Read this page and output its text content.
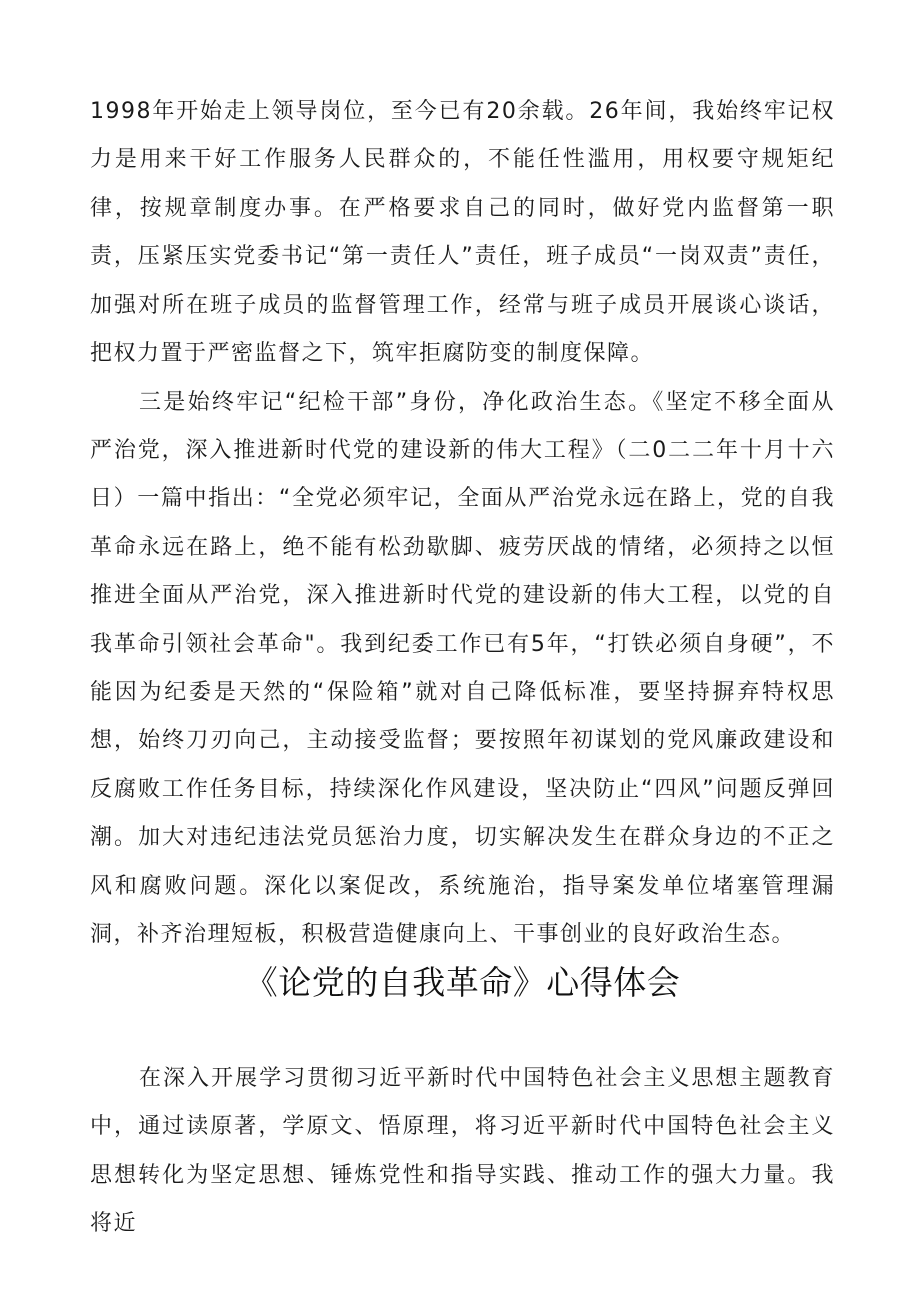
1998年开始走上领导岗位，至今已有20余载。26年间，我始终牢记权力是用来干好工作服务人民群众的，不能任性滥用，用权要守规矩纪律，按规章制度办事。在严格要求自己的同时，做好党内监督第一职责，压紧压实党委书记“第一责任人”责任，班子成员“一岗双责”责任，加强对所在班子成员的监督管理工作，经常与班子成员开展谈心谈话，把权力置于严密监督之下，筑牢拒腐防变的制度保障。

三是始终牢记“纪检干部”身份，净化政治生态。《坚定不移全面从严治党，深入推进新时代党的建设新的伟大工程》（二0二二年十月十六日）一篇中指出：“全党必须牢记，全面从严治党永远在路上，党的自我革命永远在路上，绝不能有松劲歇脚、疲劳厌战的情绪，必须持之以恒推进全面从严治党，深入推进新时代党的建设新的伟大工程，以党的自我革命引领社会革命"。我到纪委工作已有5年，“打铁必须自身硬”，不能因为纪委是天然的“保险箱”就对自己降低标准，要坚持摒弃特权思想，始终刀刃向己，主动接受监督；要按照年初谋划的党风廉政建设和反腐败工作任务目标，持续深化作风建设，坚决防止“四风”问题反弹回潮。加大对违纪违法党员惩治力度，切实解决发生在群众身边的不正之风和腐败问题。深化以案促改，系统施治，指导案发单位堵塞管理漏洞，补齐治理短板，积极营造健康向上、干事创业的良好政治生态。

《论党的自我革命》心得体会

在深入开展学习贯彻习近平新时代中国特色社会主义思想主题教育中，通过读原著，学原文、悟原理，将习近平新时代中国特色社会主义思想转化为坚定思想、锤炼党性和指导实践、推动工作的强大力量。我将近
